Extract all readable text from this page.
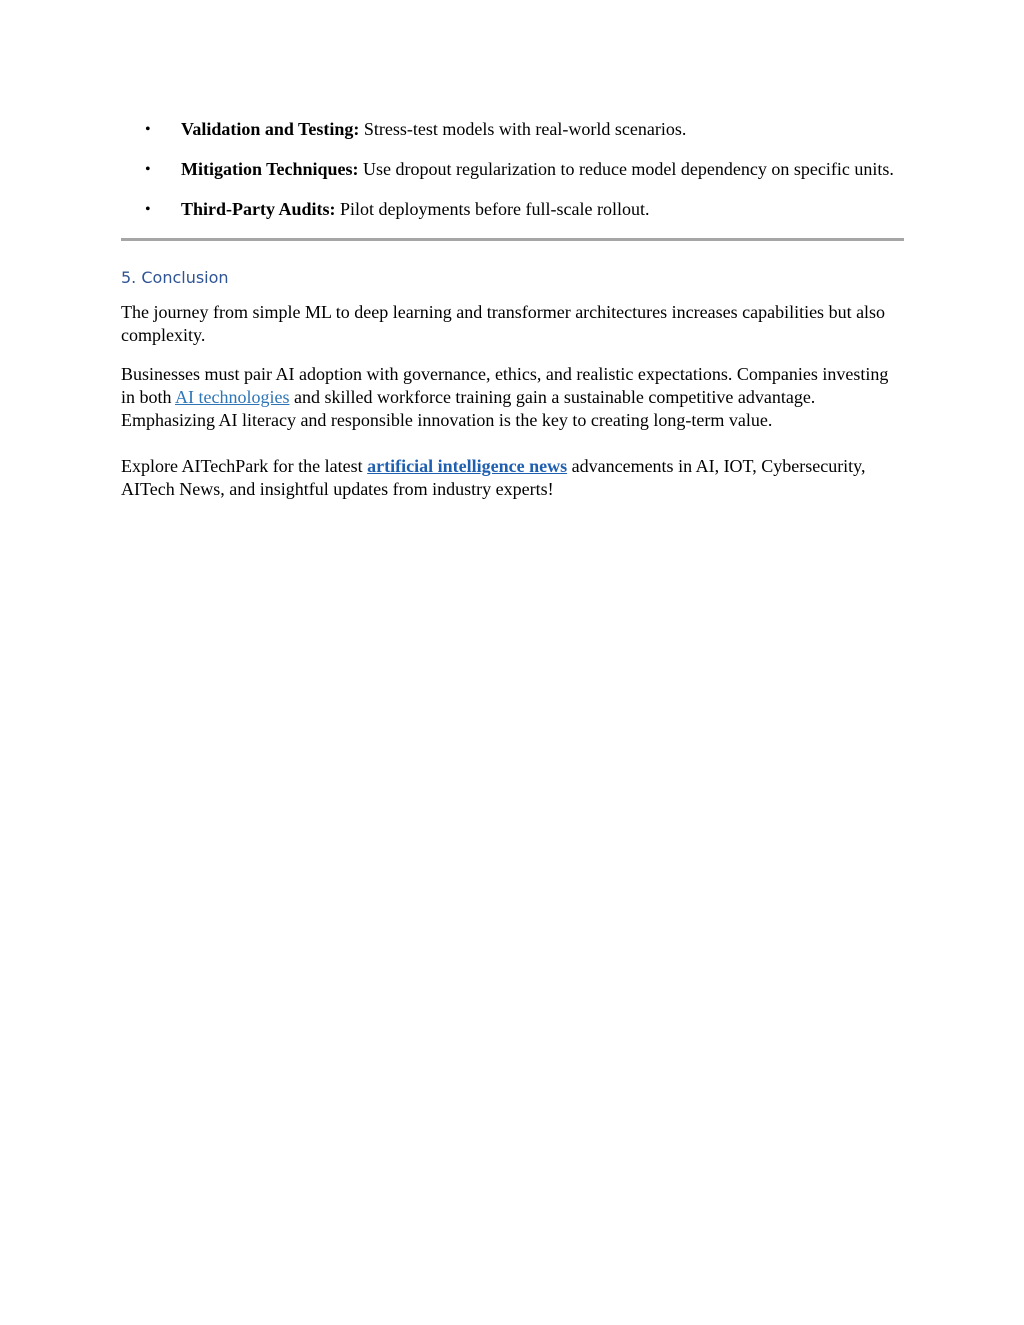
• Validation and Testing: Stress-test models with real-world scenarios.
• Mitigation Techniques: Use dropout regularization to reduce model dependency on specific units.
• Third-Party Audits: Pilot deployments before full-scale rollout.
5. Conclusion

The journey from simple ML to deep learning and transformer architectures increases capabilities but also complexity.

Businesses must pair AI adoption with governance, ethics, and realistic expectations. Companies investing in both AI technologies and skilled workforce training gain a sustainable competitive advantage. Emphasizing AI literacy and responsible innovation is the key to creating long-term value.

Explore AITechPark for the latest artificial intelligence news advancements in AI, IOT, Cybersecurity, AITech News, and insightful updates from industry experts!
